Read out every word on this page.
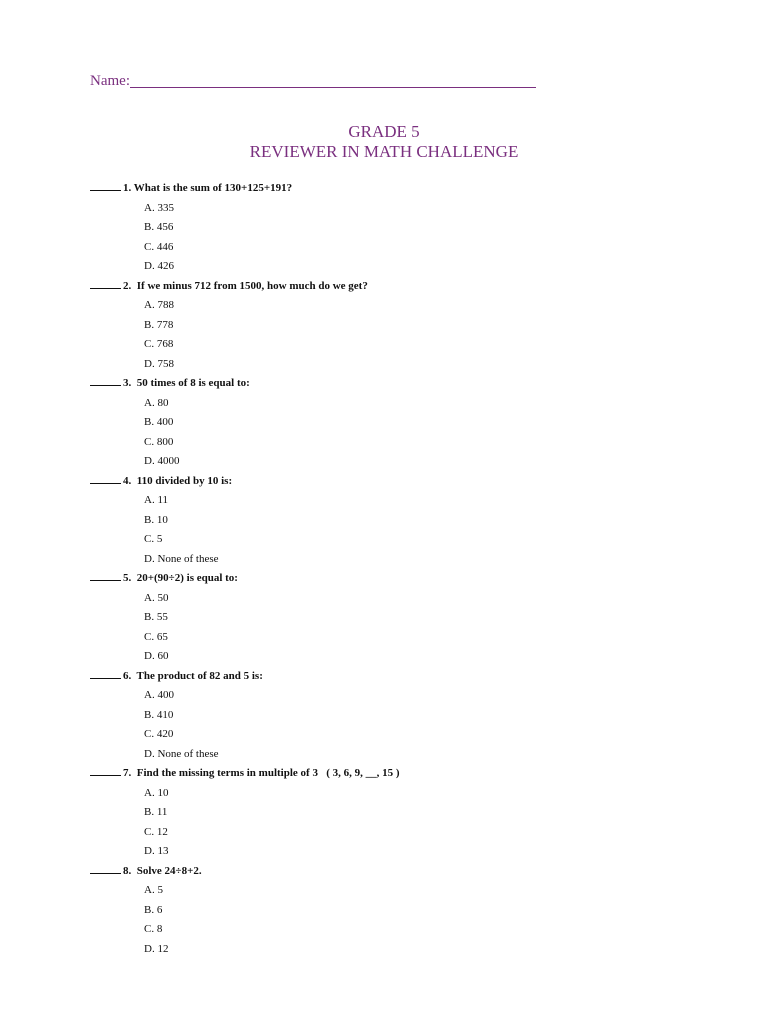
Name:
GRADE 5
REVIEWER IN MATH CHALLENGE
1. What is the sum of 130+125+191?
A. 335
B. 456
C. 446
D. 426
2.  If we minus 712 from 1500, how much do we get?
A. 788
B. 778
C. 768
D. 758
3.  50 times of 8 is equal to:
A. 80
B. 400
C. 800
D. 4000
4.  110 divided by 10 is:
A. 11
B. 10
C. 5
D. None of these
5.  20+(90÷2) is equal to:
A. 50
B. 55
C. 65
D. 60
6.  The product of 82 and 5 is:
A. 400
B. 410
C. 420
D. None of these
7.  Find the missing terms in multiple of 3   ( 3, 6, 9, __, 15 )
A. 10
B. 11
C. 12
D. 13
8.  Solve 24÷8+2.
A. 5
B. 6
C. 8
D. 12
